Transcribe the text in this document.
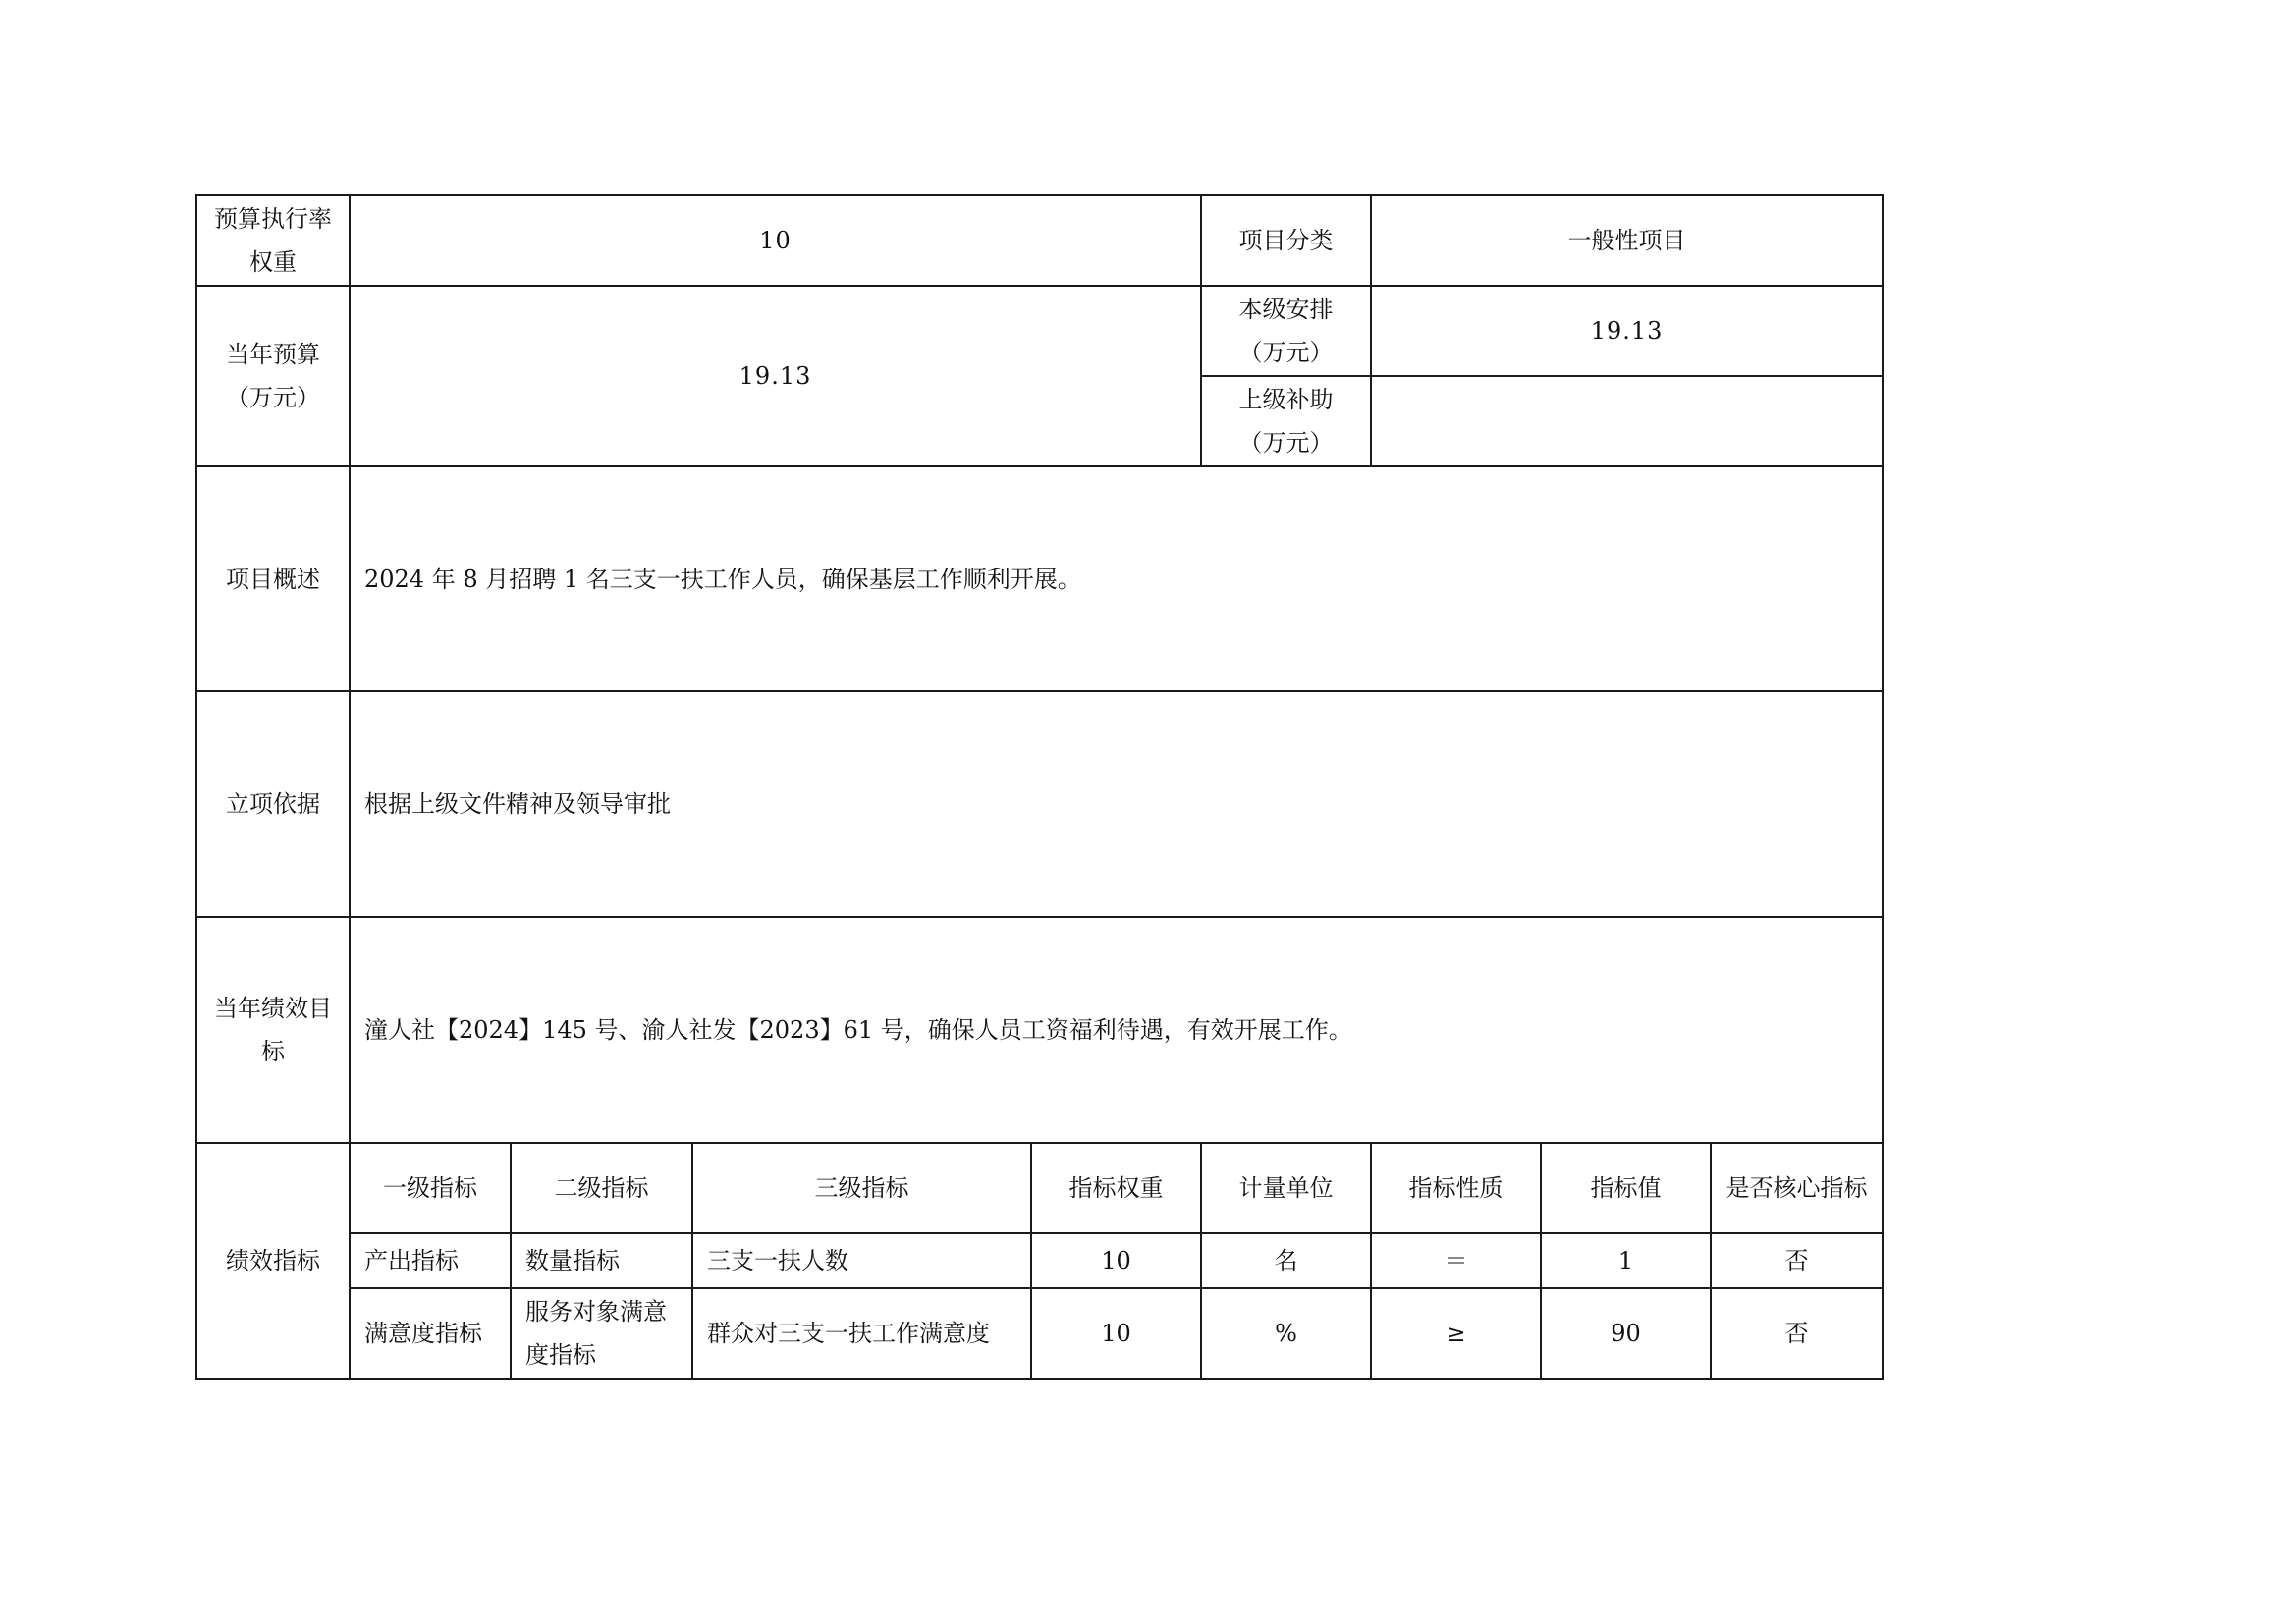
预算执行率权重	10				项目分类	一般性项目		
当年预算（万元）	19.13				本级安排（万元）	19.13		
					上级补助（万元）			
项目概述	2024 年 8 月招聘 1 名三支一扶工作人员，确保基层工作顺利开展。							
立项依据	根据上级文件精神及领导审批							
当年绩效目标	潼人社【2024】145 号、渝人社发【2023】61 号，确保人员工资福利待遇，有效开展工作。							
绩效指标	一级指标	二级指标	三级指标	指标权重	计量单位	指标性质	指标值	是否核心指标
	产出指标	数量指标	三支一扶人数	10	名	＝	1	否
	满意度指标	服务对象满意度指标	群众对三支一扶工作满意度	10	%	≥	90	否
